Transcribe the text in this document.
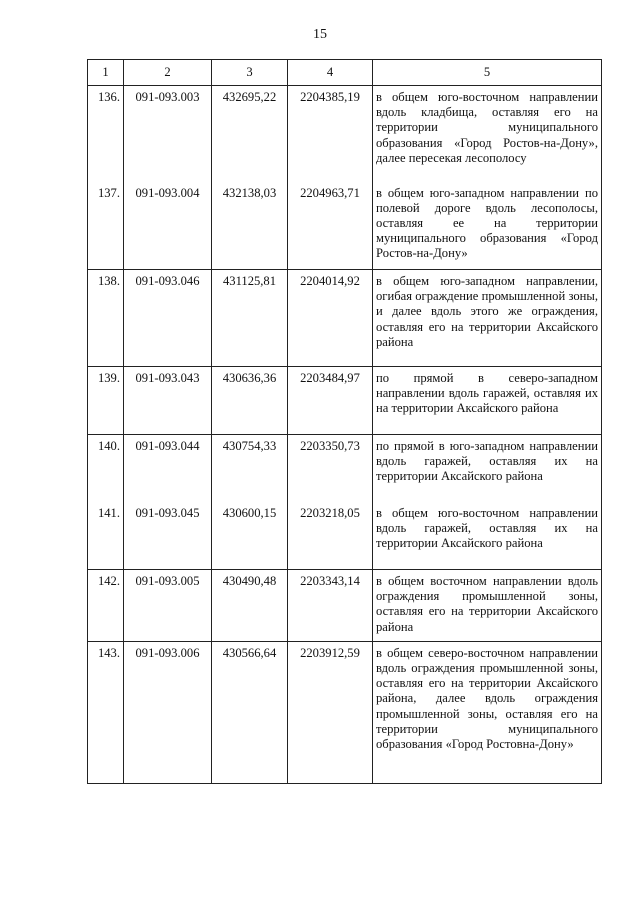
15
1	2	3	4	5
136.	091-093.003	432695,22	2204385,19	в общем юго-восточном направлении вдоль кладбища, оставляя его на территории муниципального образования «Город Ростов-на-Дону», далее пересекая лесополосу
137.	091-093.004	432138,03	2204963,71	в общем юго-западном направлении по полевой дороге вдоль лесополосы, оставляя ее на территории муниципального образования «Город Ростов-на-Дону»
138.	091-093.046	431125,81	2204014,92	в общем юго-западном направлении, огибая ограждение промышленной зоны, и далее вдоль этого же ограждения, оставляя его на территории Аксайского района
139.	091-093.043	430636,36	2203484,97	по прямой в северо-западном направлении вдоль гаражей, оставляя их на территории Аксайского района
140.	091-093.044	430754,33	2203350,73	по прямой в юго-западном направлении вдоль гаражей, оставляя их на территории Аксайского района
141.	091-093.045	430600,15	2203218,05	в общем юго-восточном направлении вдоль гаражей, оставляя их на территории Аксайского района
142.	091-093.005	430490,48	2203343,14	в общем восточном направлении вдоль ограждения промышленной зоны, оставляя его на территории Аксайского района
143.	091-093.006	430566,64	2203912,59	в общем северо-восточном направлении вдоль ограждения промышленной зоны, оставляя его на территории Аксайского района, далее вдоль ограждения промышленной зоны, оставляя его на территории муниципального образования «Город Ростовна-Дону»
